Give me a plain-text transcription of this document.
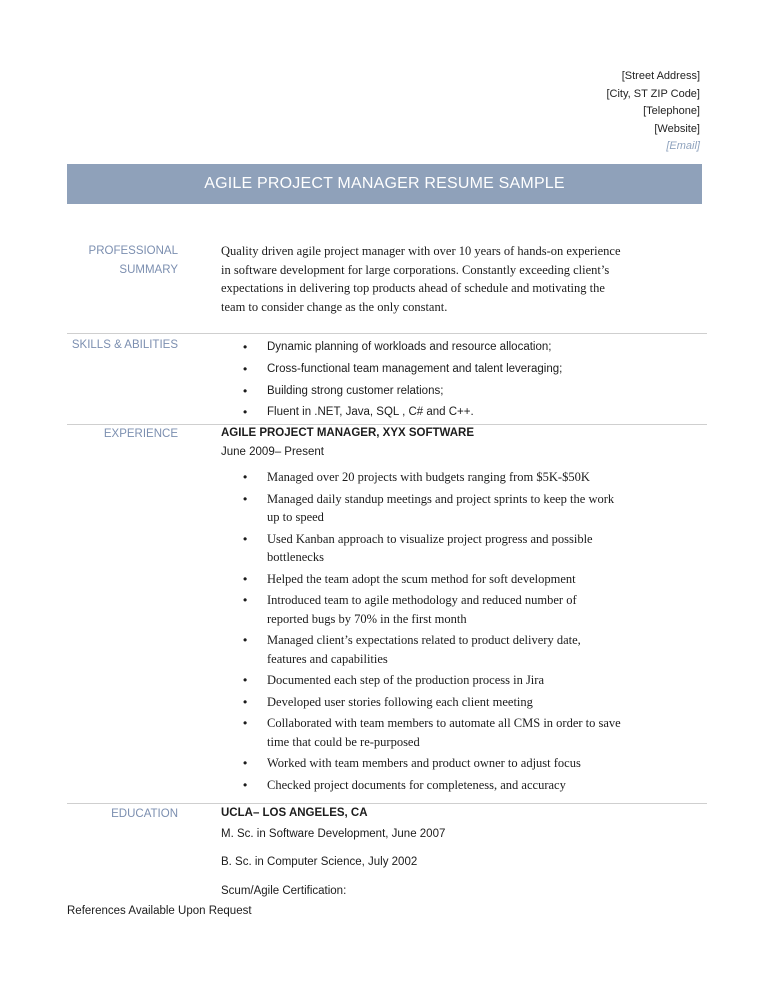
[Street Address]
[City, ST ZIP Code]
[Telephone]
[Website]
[Email]
AGILE PROJECT MANAGER RESUME SAMPLE
PROFESSIONAL
SUMMARY
Quality driven agile project manager with over 10 years of hands-on experience in software development for large corporations. Constantly exceeding client’s expectations in delivering top products ahead of schedule and motivating the team to consider change as the only constant.
SKILLS & ABILITIES
•	Dynamic planning of workloads and resource allocation;
• Cross-functional team management and talent leveraging;
• Building strong customer relations;
• Fluent in .NET, Java, SQL , C# and C++.
EXPERIENCE	AGILE PROJECT MANAGER, XYX SOFTWARE
June 2009– Present
• Managed over 20 projects with budgets ranging from $5K-$50K
• Managed daily standup meetings and project sprints to keep the work up to speed
• Used Kanban approach to visualize project progress and possible bottlenecks
• Helped the team adopt the scum method for soft development
• Introduced team to agile methodology and reduced number of reported bugs by 70% in the first month
• Managed client’s expectations related to product delivery date, features and capabilities
• Documented each step of the production process in Jira
• Developed user stories following each client meeting
• Collaborated with team members to automate all CMS in order to save time that could be re-purposed
• Worked with team members and product owner to adjust focus
• Checked project documents for completeness, and accuracy
EDUCATION	UCLA– LOS ANGELES, CA
M. Sc. in Software Development, June 2007
B. Sc. in Computer Science, July 2002
Scum/Agile Certification:
References Available Upon Request
